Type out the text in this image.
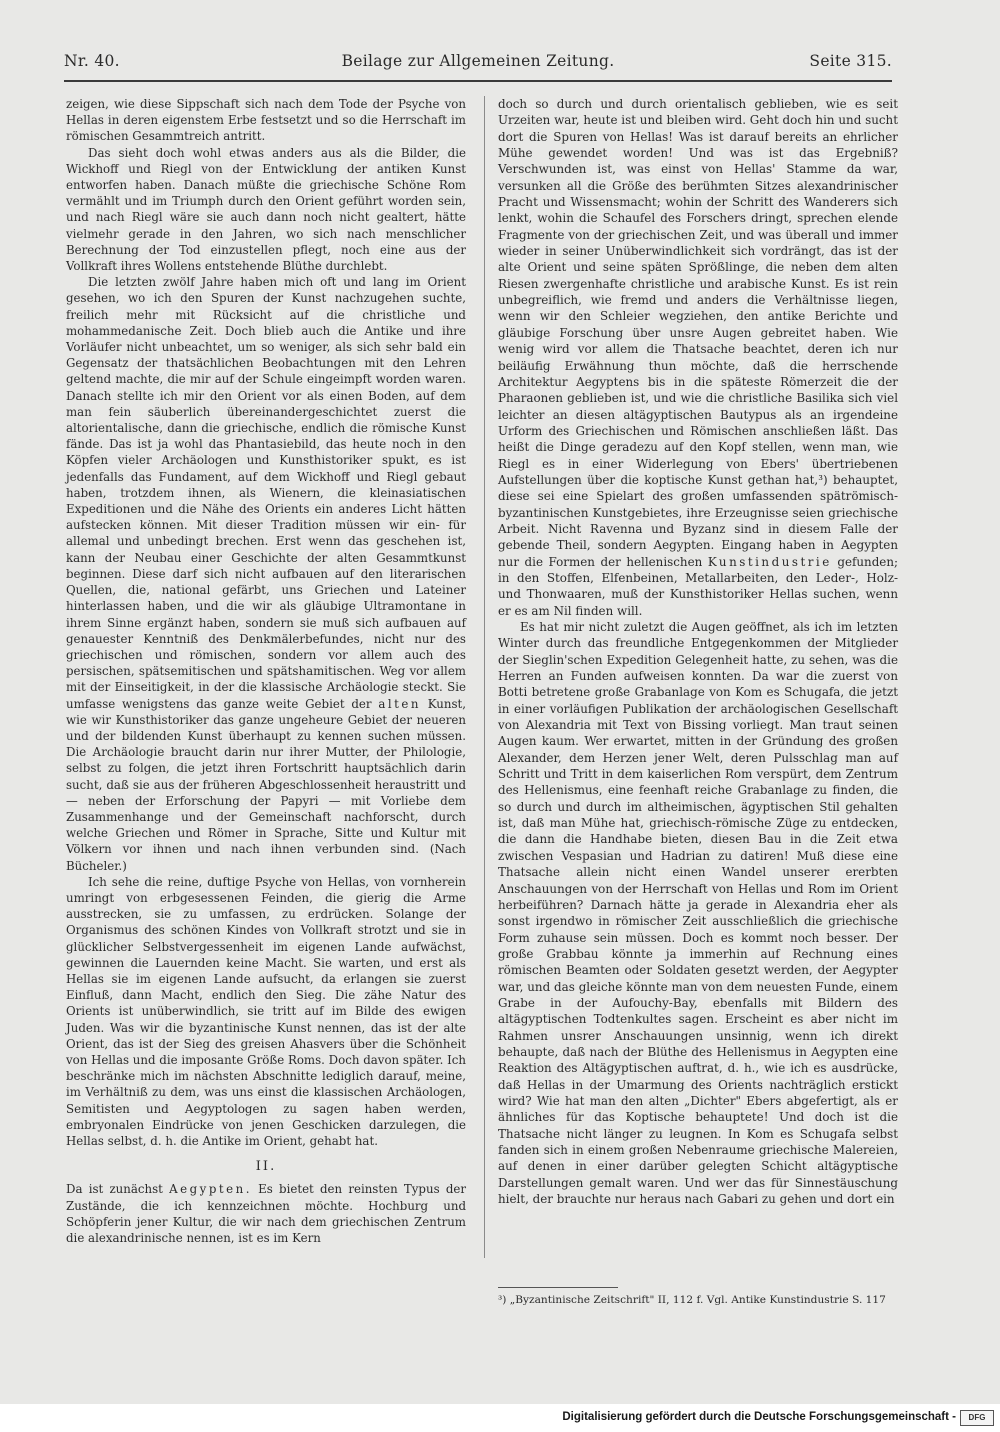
Nr. 40.	Beilage zur Allgemeinen Zeitung.	Seite 315.

zeigen, wie diese Sippschaft sich nach dem Tode der Psyche von Hellas in deren eigenstem Erbe festsetzt und so die Herrschaft im römischen Gesammtreich antritt.

Das sieht doch wohl etwas anders aus als die Bilder, die Wickhoff und Riegl von der Entwicklung der antiken Kunst entworfen haben. Danach müßte die griechische Schöne Rom vermählt und im Triumph durch den Orient geführt worden sein, und nach Riegl wäre sie auch dann noch nicht gealtert, hätte vielmehr gerade in den Jahren, wo sich nach menschlicher Berechnung der Tod einzustellen pflegt, noch eine aus der Vollkraft ihres Wollens entstehende Blüthe durchlebt.

Die letzten zwölf Jahre haben mich oft und lang im Orient gesehen, wo ich den Spuren der Kunst nachzugehen suchte, freilich mehr mit Rücksicht auf die christliche und mohammedanische Zeit. Doch blieb auch die Antike und ihre Vorläufer nicht unbeachtet, um so weniger, als sich sehr bald ein Gegensatz der thatsächlichen Beobachtungen mit den Lehren geltend machte, die mir auf der Schule eingeimpft worden waren. Danach stellte ich mir den Orient vor als einen Boden, auf dem man fein säuberlich übereinandergeschichtet zuerst die altorientalische, dann die griechische, endlich die römische Kunst fände. Das ist ja wohl das Phantasiebild, das heute noch in den Köpfen vieler Archäologen und Kunsthistoriker spukt, es ist jedenfalls das Fundament, auf dem Wickhoff und Riegl gebaut haben, trotzdem ihnen, als Wienern, die kleinasiatischen Expeditionen und die Nähe des Orients ein anderes Licht hätten aufstecken können. Mit dieser Tradition müssen wir ein- für allemal und unbedingt brechen. Erst wenn das geschehen ist, kann der Neubau einer Geschichte der alten Gesammtkunst beginnen. Diese darf sich nicht aufbauen auf den literarischen Quellen, die, national gefärbt, uns Griechen und Lateiner hinterlassen haben, und die wir als gläubige Ultramontane in ihrem Sinne ergänzt haben, sondern sie muß sich aufbauen auf genauester Kenntniß des Denkmälerbefundes, nicht nur des griechischen und römischen, sondern vor allem auch des persischen, spätsemitischen und spätshamitischen. Weg vor allem mit der Einseitigkeit, in der die klassische Archäologie steckt. Sie umfasse wenigstens das ganze weite Gebiet der alten Kunst, wie wir Kunsthistoriker das ganze ungeheure Gebiet der neueren und der bildenden Kunst überhaupt zu kennen suchen müssen. Die Archäologie braucht darin nur ihrer Mutter, der Philologie, selbst zu folgen, die jetzt ihren Fortschritt hauptsächlich darin sucht, daß sie aus der früheren Abgeschlossenheit heraustritt und — neben der Erforschung der Papyri — mit Vorliebe dem Zusammenhange und der Gemeinschaft nachforscht, durch welche Griechen und Römer in Sprache, Sitte und Kultur mit Völkern vor ihnen und nach ihnen verbunden sind. (Nach Bücheler.)

Ich sehe die reine, duftige Psyche von Hellas, von vornherein umringt von erbgesessenen Feinden, die gierig die Arme ausstrecken, sie zu umfassen, zu erdrücken. Solange der Organismus des schönen Kindes von Vollkraft strotzt und sie in glücklicher Selbstvergessenheit im eigenen Lande aufwächst, gewinnen die Lauernden keine Macht. Sie warten, und erst als Hellas sie im eigenen Lande aufsucht, da erlangen sie zuerst Einfluß, dann Macht, endlich den Sieg. Die zähe Natur des Orients ist unüberwindlich, sie tritt auf im Bilde des ewigen Juden. Was wir die byzantinische Kunst nennen, das ist der alte Orient, das ist der Sieg des greisen Ahasvers über die Schönheit von Hellas und die imposante Größe Roms. Doch davon später. Ich beschränke mich im nächsten Abschnitte lediglich darauf, meine, im Verhältniß zu dem, was uns einst die klassischen Archäologen, Semitisten und Aegyptologen zu sagen haben werden, embryonalen Eindrücke von jenen Geschicken darzulegen, die Hellas selbst, d. h. die Antike im Orient, gehabt hat.

II.

Da ist zunächst Aegypten. Es bietet den reinsten Typus der Zustände, die ich kennzeichnen möchte. Hochburg und Schöpferin jener Kultur, die wir nach dem griechischen Zentrum die alexandrinische nennen, ist es im Kern

doch so durch und durch orientalisch geblieben, wie es seit Urzeiten war, heute ist und bleiben wird. Geht doch hin und sucht dort die Spuren von Hellas! Was ist darauf bereits an ehrlicher Mühe gewendet worden! Und was ist das Ergebniß? Verschwunden ist, was einst von Hellas' Stamme da war, versunken all die Größe des berühmten Sitzes alexandrinischer Pracht und Wissensmacht; wohin der Schritt des Wanderers sich lenkt, wohin die Schaufel des Forschers dringt, sprechen elende Fragmente von der griechischen Zeit, und was überall und immer wieder in seiner Unüberwindlichkeit sich vordrängt, das ist der alte Orient und seine späten Sprößlinge, die neben dem alten Riesen zwergenhafte christliche und arabische Kunst. Es ist rein unbegreiflich, wie fremd und anders die Verhältnisse liegen, wenn wir den Schleier wegziehen, den antike Berichte und gläubige Forschung über unsre Augen gebreitet haben. Wie wenig wird vor allem die Thatsache beachtet, deren ich nur beiläufig Erwähnung thun möchte, daß die herrschende Architektur Aegyptens bis in die späteste Römerzeit die der Pharaonen geblieben ist, und wie die christliche Basilika sich viel leichter an diesen altägyptischen Bautypus als an irgendeine Urform des Griechischen und Römischen anschließen läßt. Das heißt die Dinge geradezu auf den Kopf stellen, wenn man, wie Riegl es in einer Widerlegung von Ebers' übertriebenen Aufstellungen über die koptische Kunst gethan hat,³) behauptet, diese sei eine Spielart des großen umfassenden spätrömisch-byzantinischen Kunstgebietes, ihre Erzeugnisse seien griechische Arbeit. Nicht Ravenna und Byzanz sind in diesem Falle der gebende Theil, sondern Aegypten. Eingang haben in Aegypten nur die Formen der hellenischen Kunstindustrie gefunden; in den Stoffen, Elfenbeinen, Metallarbeiten, den Leder-, Holz- und Thonwaaren, muß der Kunsthistoriker Hellas suchen, wenn er es am Nil finden will.

Es hat mir nicht zuletzt die Augen geöffnet, als ich im letzten Winter durch das freundliche Entgegenkommen der Mitglieder der Sieglin'schen Expedition Gelegenheit hatte, zu sehen, was die Herren an Funden aufweisen konnten. Da war die zuerst von Botti betretene große Grabanlage von Kom es Schugafa, die jetzt in einer vorläufigen Publikation der archäologischen Gesellschaft von Alexandria mit Text von Bissing vorliegt. Man traut seinen Augen kaum. Wer erwartet, mitten in der Gründung des großen Alexander, dem Herzen jener Welt, deren Pulsschlag man auf Schritt und Tritt in dem kaiserlichen Rom verspürt, dem Zentrum des Hellenismus, eine feenhaft reiche Grabanlage zu finden, die so durch und durch im altheimischen, ägyptischen Stil gehalten ist, daß man Mühe hat, griechisch-römische Züge zu entdecken, die dann die Handhabe bieten, diesen Bau in die Zeit etwa zwischen Vespasian und Hadrian zu datiren! Muß diese eine Thatsache allein nicht einen Wandel unserer ererbten Anschauungen von der Herrschaft von Hellas und Rom im Orient herbeiführen? Darnach hätte ja gerade in Alexandria eher als sonst irgendwo in römischer Zeit ausschließlich die griechische Form zuhause sein müssen. Doch es kommt noch besser. Der große Grabbau könnte ja immerhin auf Rechnung eines römischen Beamten oder Soldaten gesetzt werden, der Aegypter war, und das gleiche könnte man von dem neuesten Funde, einem Grabe in der Aufouchy-Bay, ebenfalls mit Bildern des altägyptischen Todtenkultes sagen. Erscheint es aber nicht im Rahmen unsrer Anschauungen unsinnig, wenn ich direkt behaupte, daß nach der Blüthe des Hellenismus in Aegypten eine Reaktion des Altägyptischen auftrat, d. h., wie ich es ausdrücke, daß Hellas in der Umarmung des Orients nachträglich erstickt wird? Wie hat man den alten „Dichter" Ebers abgefertigt, als er ähnliches für das Koptische behauptete! Und doch ist die Thatsache nicht länger zu leugnen. In Kom es Schugafa selbst fanden sich in einem großen Nebenraume griechische Malereien, auf denen in einer darüber gelegten Schicht altägyptische Darstellungen gemalt waren. Und wer das für Sinnestäuschung hielt, der brauchte nur heraus nach Gabari zu gehen und dort ein

³) „Byzantinische Zeitschrift" II, 112 f. Vgl. Antike Kunstindustrie S. 117
Digitalisierung gefördert durch die Deutsche Forschungsgemeinschaft -	DFG
